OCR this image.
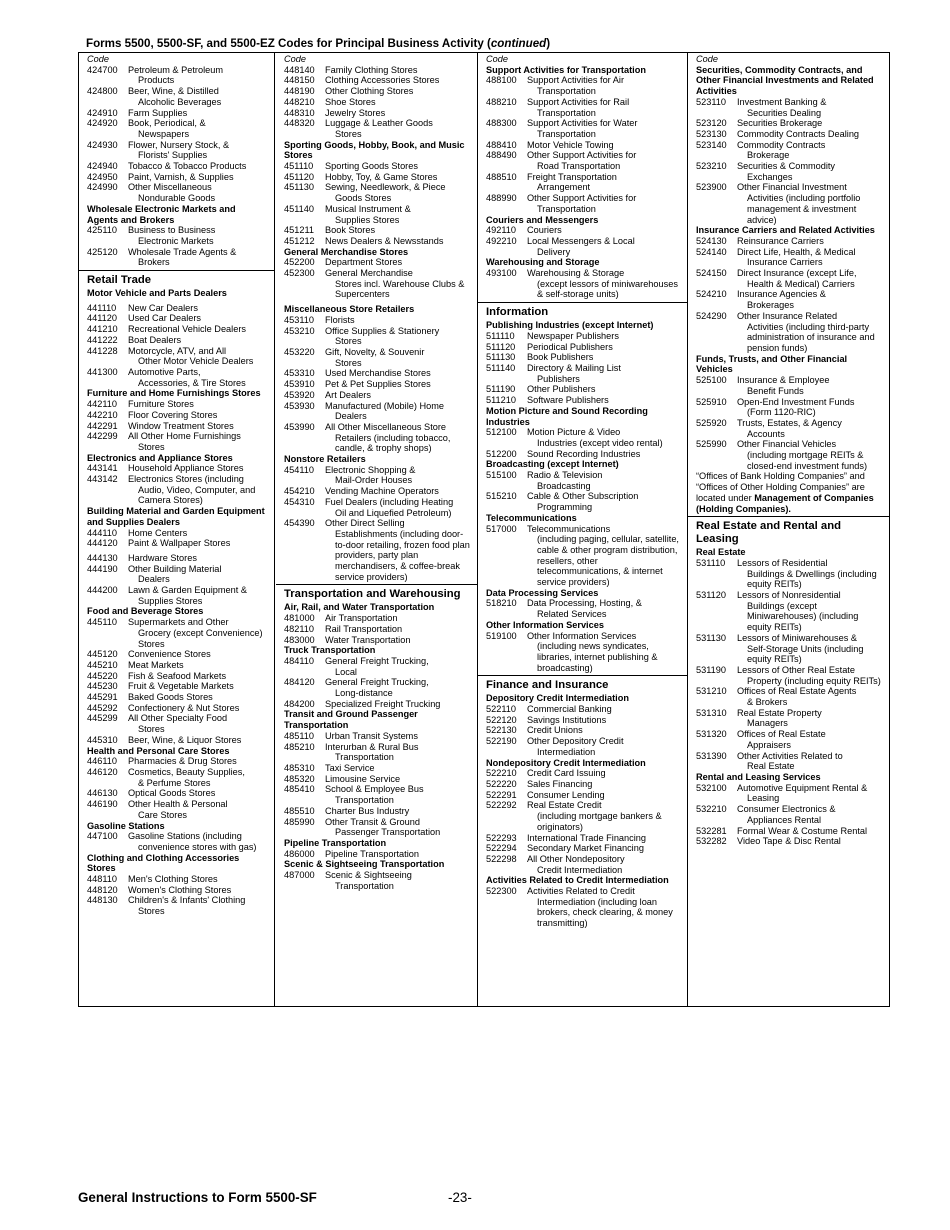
Forms 5500, 5500-SF, and 5500-EZ Codes for Principal Business Activity (continued)
Code
424700	Petroleum & Petroleum
Products
424800	Beer, Wine, & Distilled
Alcoholic Beverages
424910	Farm Supplies
424920	Book, Periodical, &
Newspapers
424930	Flower, Nursery Stock, &
Florists' Supplies
424940	Tobacco & Tobacco Products
424950	Paint, Varnish, & Supplies
424990	Other Miscellaneous
Nondurable Goods
Wholesale Electronic Markets and Agents and Brokers
425110	Business to Business
Electronic Markets
425120	Wholesale Trade Agents &
Brokers
Retail Trade
Motor Vehicle and Parts Dealers
441110	New Car Dealers
441120	Used Car Dealers
441210	Recreational Vehicle Dealers
441222	Boat Dealers
441228	Motorcycle, ATV, and All
Other Motor Vehicle Dealers
441300	Automotive Parts,
Accessories, & Tire Stores
Furniture and Home Furnishings Stores
442110	Furniture Stores
442210	Floor Covering Stores
442291	Window Treatment Stores
442299	All Other Home Furnishings
Stores
Electronics and Appliance Stores
443141	Household Appliance Stores
443142	Electronics Stores (including
Audio, Video, Computer, and Camera Stores)
Building Material and Garden Equipment and Supplies Dealers
444110	Home Centers
444120	Paint & Wallpaper Stores
444130	Hardware Stores
444190	Other Building Material
Dealers
444200	Lawn & Garden Equipment &
Supplies Stores
Food and Beverage Stores
445110	Supermarkets and Other
Grocery (except Convenience) Stores
445120	Convenience Stores
445210	Meat Markets
445220	Fish & Seafood Markets
445230	Fruit & Vegetable Markets
445291	Baked Goods Stores
445292	Confectionery & Nut Stores
445299	All Other Specialty Food
Stores
445310	Beer, Wine, & Liquor Stores
Health and Personal Care Stores
446110	Pharmacies & Drug Stores
446120	Cosmetics, Beauty Supplies,
& Perfume Stores
446130	Optical Goods Stores
446190	Other Health & Personal
Care Stores
Gasoline Stations
447100	Gasoline Stations (including
convenience stores with gas)
Clothing and Clothing Accessories Stores
448110	Men's Clothing Stores
448120	Women's Clothing Stores
448130	Children's & Infants' Clothing
Stores
Code
448140	Family Clothing Stores
448150	Clothing Accessories Stores
448190	Other Clothing Stores
448210	Shoe Stores
448310	Jewelry Stores
448320	Luggage & Leather Goods
Stores
Sporting Goods, Hobby, Book, and Music Stores
451110	Sporting Goods Stores
451120	Hobby, Toy, & Game Stores
451130	Sewing, Needlework, & Piece
Goods Stores
451140	Musical Instrument &
Supplies Stores
451211	Book Stores
451212	News Dealers & Newsstands
General Merchandise Stores
452200	Department Stores
452300	General Merchandise
Stores incl. Warehouse Clubs & Supercenters
Miscellaneous Store Retailers
453110	Florists
453210	Office Supplies & Stationery
Stores
453220	Gift, Novelty, & Souvenir
Stores
453310	Used Merchandise Stores
453910	Pet & Pet Supplies Stores
453920	Art Dealers
453930	Manufactured (Mobile) Home
Dealers
453990	All Other Miscellaneous Store
Retailers (including tobacco, candle, & trophy shops)
Nonstore Retailers
454110	Electronic Shopping &
Mail-Order Houses
454210	Vending Machine Operators
454310	Fuel Dealers (including Heating
Oil and Liquefied Petroleum)
454390	Other Direct Selling
Establishments (including door-to-door retailing, frozen food plan providers, party plan merchandisers, & coffee-break service providers)
Transportation and Warehousing
Air, Rail, and Water Transportation
481000	Air Transportation
482110	Rail Transportation
483000	Water Transportation
Truck Transportation
484110	General Freight Trucking,
Local
484120	General Freight Trucking,
Long-distance
484200	Specialized Freight Trucking
Transit and Ground Passenger Transportation
485110	Urban Transit Systems
485210	Interurban & Rural Bus
Transportation
485310	Taxi Service
485320	Limousine Service
485410	School & Employee Bus
Transportation
485510	Charter Bus Industry
485990	Other Transit & Ground
Passenger Transportation
Pipeline Transportation
486000	Pipeline Transportation
Scenic & Sightseeing Transportation
487000	Scenic & Sightseeing
Transportation
Code
Support Activities for Transportation
488100	Support Activities for Air
Transportation
488210	Support Activities for Rail
Transportation
488300	Support Activities for Water
Transportation
488410	Motor Vehicle Towing
488490	Other Support Activities for
Road Transportation
488510	Freight Transportation
Arrangement
488990	Other Support Activities for
Transportation
Couriers and Messengers
492110	Couriers
492210	Local Messengers & Local
Delivery
Warehousing and Storage
493100	Warehousing & Storage
(except lessors of miniwarehouses & self-storage units)
Information
Publishing Industries (except Internet)
511110	Newspaper Publishers
511120	Periodical Publishers
511130	Book Publishers
511140	Directory & Mailing List
Publishers
511190	Other Publishers
511210	Software Publishers
Motion Picture and Sound Recording Industries
512100	Motion Picture & Video
Industries (except video rental)
512200	Sound Recording Industries
Broadcasting (except Internet)
515100	Radio & Television
Broadcasting
515210	Cable & Other Subscription
Programming
Telecommunications
517000	Telecommunications
(including paging, cellular, satellite, cable & other program distribution, resellers, other telecommunications, & internet service providers)
Data Processing Services
518210	Data Processing, Hosting, &
Related Services
Other Information Services
519100	Other Information Services
(including news syndicates, libraries, internet publishing & broadcasting)
Finance and Insurance
Depository Credit Intermediation
522110	Commercial Banking
522120	Savings Institutions
522130	Credit Unions
522190	Other Depository Credit
Intermediation
Nondepository Credit Intermediation
522210	Credit Card Issuing
522220	Sales Financing
522291	Consumer Lending
522292	Real Estate Credit
(including mortgage bankers & originators)
522293	International Trade Financing
522294	Secondary Market Financing
522298	All Other Nondepository
Credit Intermediation
Activities Related to Credit Intermediation
522300	Activities Related to Credit
Intermediation (including loan brokers, check clearing, & money transmitting)
Code
Securities, Commodity Contracts, and Other Financial Investments and Related Activities
523110	Investment Banking &
Securities Dealing
523120	Securities Brokerage
523130	Commodity Contracts Dealing
523140	Commodity Contracts
Brokerage
523210	Securities & Commodity
Exchanges
523900	Other Financial Investment
Activities (including portfolio management & investment advice)
Insurance Carriers and Related Activities
524130	Reinsurance Carriers
524140	Direct Life, Health, & Medical
Insurance Carriers
524150	Direct Insurance (except Life,
Health & Medical) Carriers
524210	Insurance Agencies &
Brokerages
524290	Other Insurance Related
Activities (including third-party administration of insurance and pension funds)
Funds, Trusts, and Other Financial Vehicles
525100	Insurance & Employee
Benefit Funds
525910	Open-End Investment Funds
(Form 1120-RIC)
525920	Trusts, Estates, & Agency
Accounts
525990	Other Financial Vehicles
(including mortgage REITs & closed-end investment funds)
“Offices of Bank Holding Companies” and “Offices of Other Holding Companies” are located under Management of Companies (Holding Companies).
Real Estate and Rental and Leasing
Real Estate
531110	Lessors of Residential
Buildings & Dwellings (including equity REITs)
531120	Lessors of Nonresidential
Buildings (except Miniwarehouses) (including equity REITs)
531130	Lessors of Miniwarehouses &
Self-Storage Units (including equity REITs)
531190	Lessors of Other Real Estate
Property (including equity REITs)
531210	Offices of Real Estate Agents
& Brokers
531310	Real Estate Property
Managers
531320	Offices of Real Estate
Appraisers
531390	Other Activities Related to
Real Estate
Rental and Leasing Services
532100	Automotive Equipment Rental &
Leasing
532210	Consumer Electronics &
Appliances Rental
532281	Formal Wear & Costume Rental
532282	Video Tape & Disc Rental
General Instructions to Form 5500-SF	-23-
